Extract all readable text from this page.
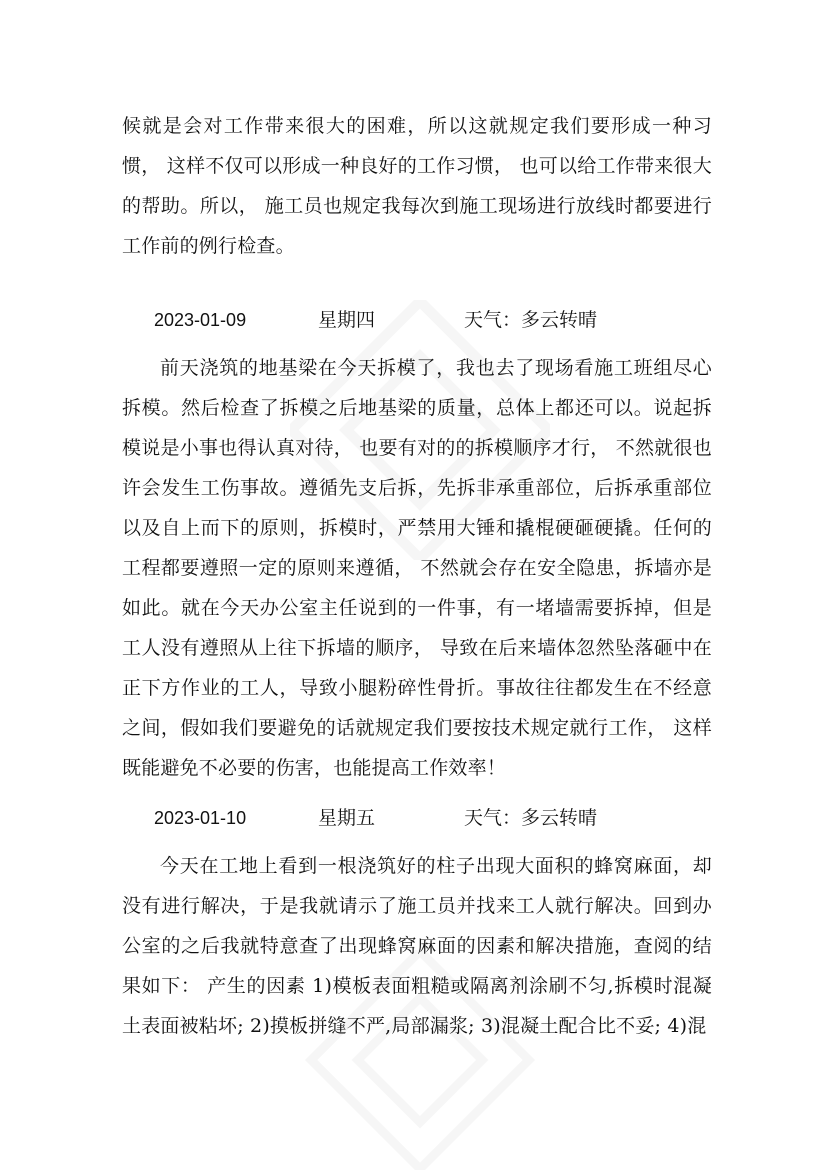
候就是会对工作带来很大的困难，所以这就规定我们要形成一种习惯， 这样不仅可以形成一种良好的工作习惯， 也可以给工作带来很大的帮助。所以， 施工员也规定我每次到施工现场进行放线时都要进行工作前的例行检查。

2023-01-09	星期四	天气：多云转晴

前天浇筑的地基梁在今天拆模了，我也去了现场看施工班组尽心拆模。然后检查了拆模之后地基梁的质量，总体上都还可以。说起拆模说是小事也得认真对待， 也要有对的的拆模顺序才行， 不然就很也许会发生工伤事故。遵循先支后拆，先拆非承重部位，后拆承重部位以及自上而下的原则，拆模时，严禁用大锤和撬棍硬砸硬撬。任何的工程都要遵照一定的原则来遵循， 不然就会存在安全隐患，拆墙亦是如此。就在今天办公室主任说到的一件事，有一堵墙需要拆掉，但是工人没有遵照从上往下拆墙的顺序， 导致在后来墙体忽然坠落砸中在正下方作业的工人，导致小腿粉碎性骨折。事故往往都发生在不经意之间，假如我们要避免的话就规定我们要按技术规定就行工作， 这样既能避免不必要的伤害，也能提高工作效率！

2023-01-10	星期五	天气：多云转晴

今天在工地上看到一根浇筑好的柱子出现大面积的蜂窝麻面，却没有进行解决，于是我就请示了施工员并找来工人就行解决。回到办公室的之后我就特意查了出现蜂窝麻面的因素和解决措施，查阅的结果如下： 产生的因素 1)模板表面粗糙或隔离剂涂刷不匀,拆模时混凝土表面被粘坏; 2)摸板拼缝不严,局部漏浆; 3)混凝土配合比不妥; 4)混
